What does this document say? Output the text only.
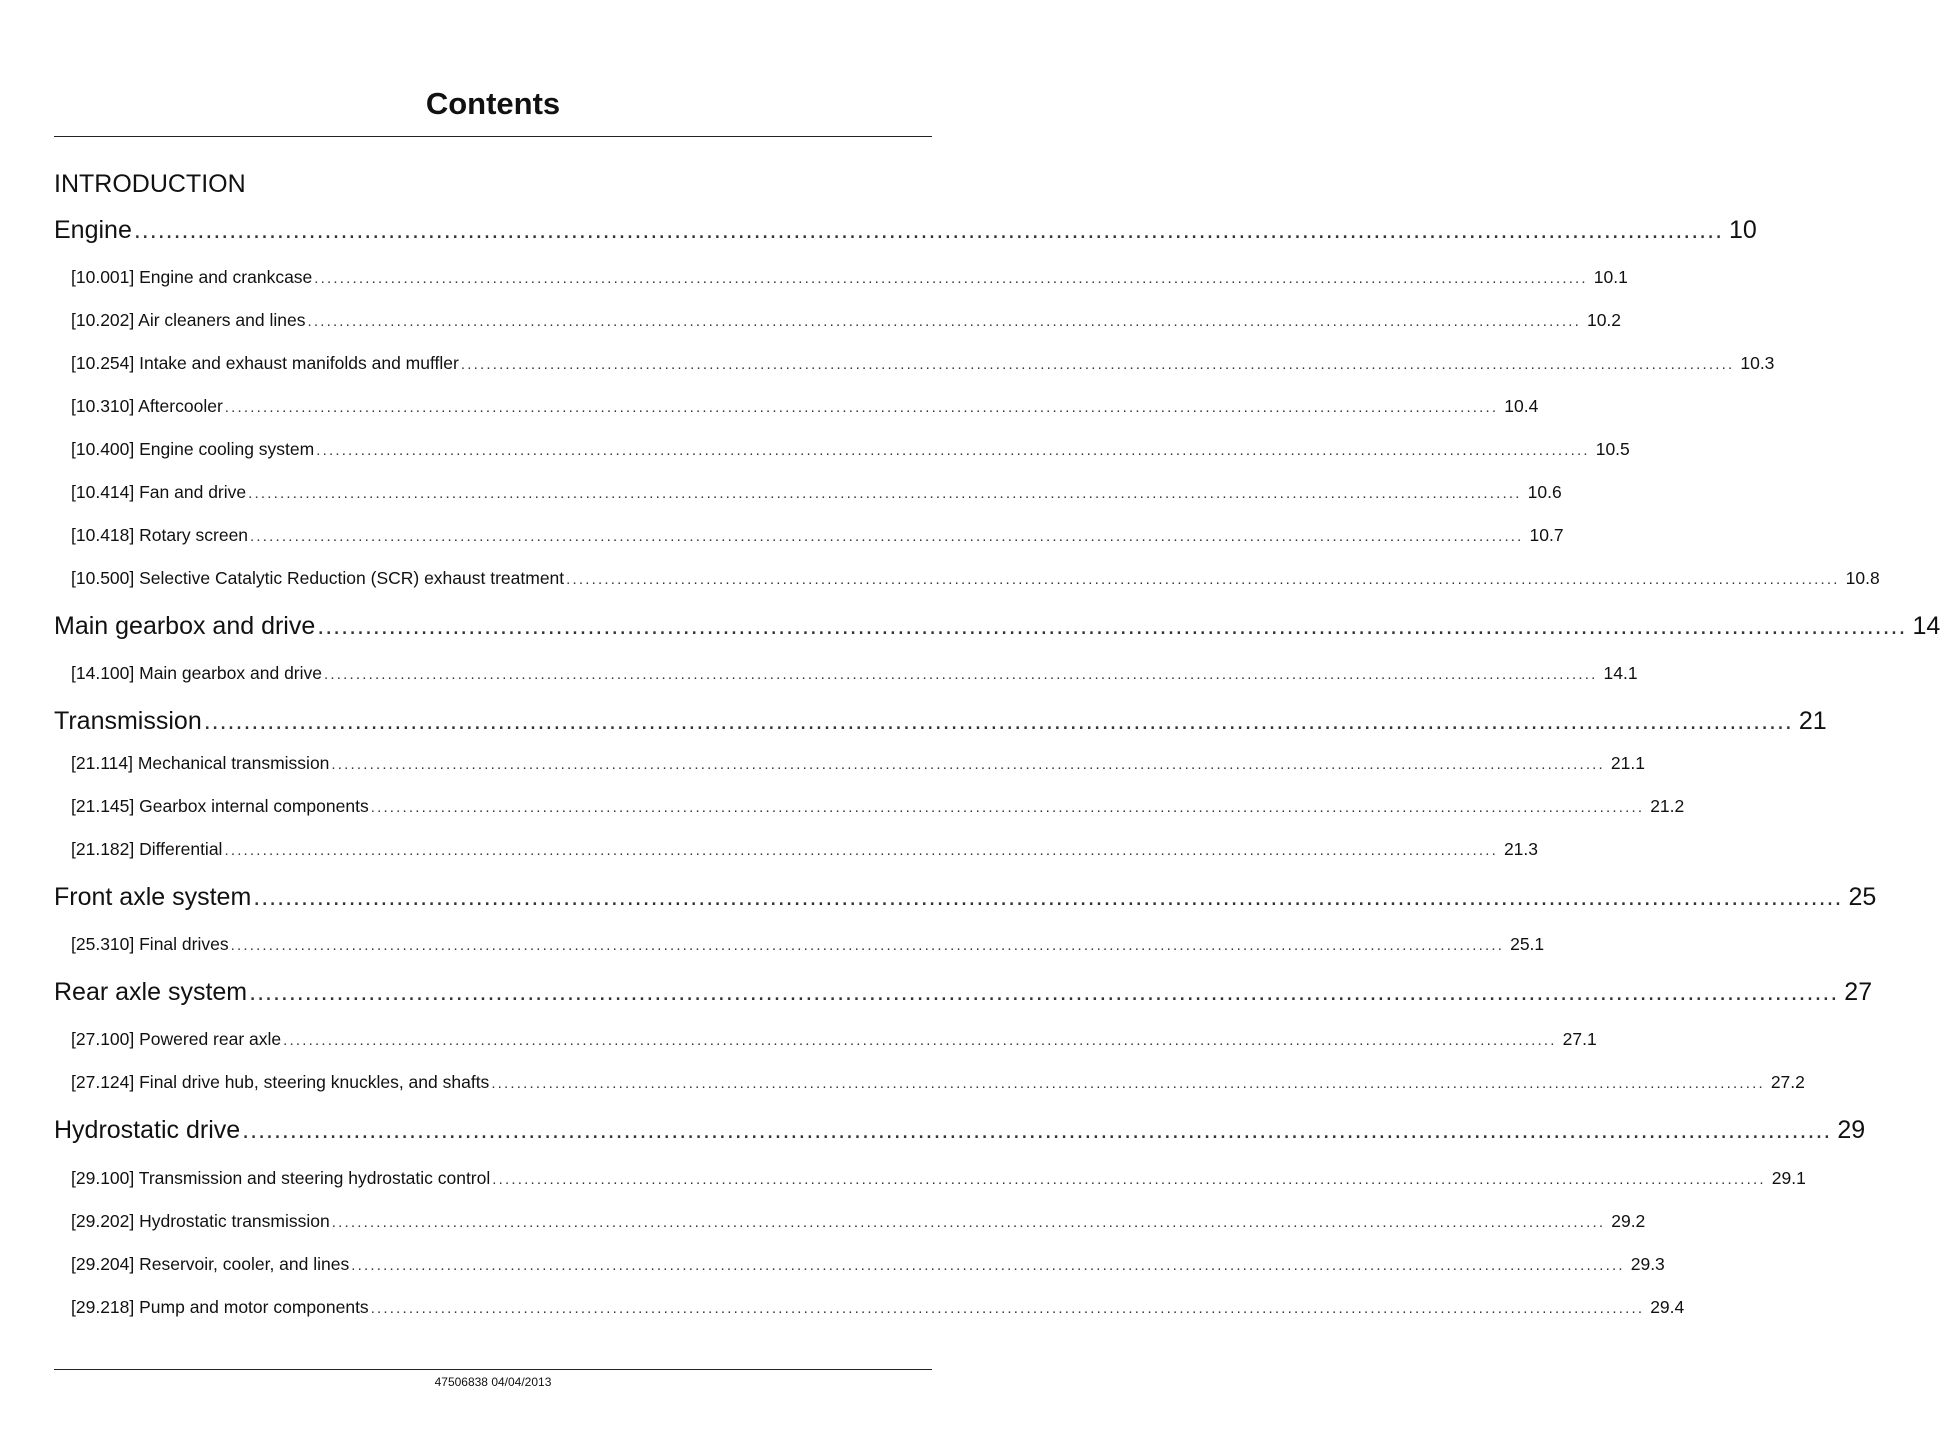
Contents
INTRODUCTION
Engine ........................................................................................................................................................................................................ 10
[10.001] Engine and crankcase ........................................................................................................................................................................................................ 10.1
[10.202] Air cleaners and lines ........................................................................................................................................................................................................ 10.2
[10.254] Intake and exhaust manifolds and muffler ........................................................................................................................................................................................................ 10.3
[10.310] Aftercooler ........................................................................................................................................................................................................ 10.4
[10.400] Engine cooling system ........................................................................................................................................................................................................ 10.5
[10.414] Fan and drive ........................................................................................................................................................................................................ 10.6
[10.418] Rotary screen ........................................................................................................................................................................................................ 10.7
[10.500] Selective Catalytic Reduction (SCR) exhaust treatment ........................................................................................................................................................................................................ 10.8
Main gearbox and drive ........................................................................................................................................................................................................ 14
[14.100] Main gearbox and drive ........................................................................................................................................................................................................ 14.1
Transmission ........................................................................................................................................................................................................ 21
[21.114] Mechanical transmission ........................................................................................................................................................................................................ 21.1
[21.145] Gearbox internal components ........................................................................................................................................................................................................ 21.2
[21.182] Differential ........................................................................................................................................................................................................ 21.3
Front axle system ........................................................................................................................................................................................................ 25
[25.310] Final drives ........................................................................................................................................................................................................ 25.1
Rear axle system ........................................................................................................................................................................................................ 27
[27.100] Powered rear axle ........................................................................................................................................................................................................ 27.1
[27.124] Final drive hub, steering knuckles, and shafts ........................................................................................................................................................................................................ 27.2
Hydrostatic drive ........................................................................................................................................................................................................ 29
[29.100] Transmission and steering hydrostatic control ........................................................................................................................................................................................................ 29.1
[29.202] Hydrostatic transmission ........................................................................................................................................................................................................ 29.2
[29.204] Reservoir, cooler, and lines ........................................................................................................................................................................................................ 29.3
[29.218] Pump and motor components ........................................................................................................................................................................................................ 29.4
47506838 04/04/2013
